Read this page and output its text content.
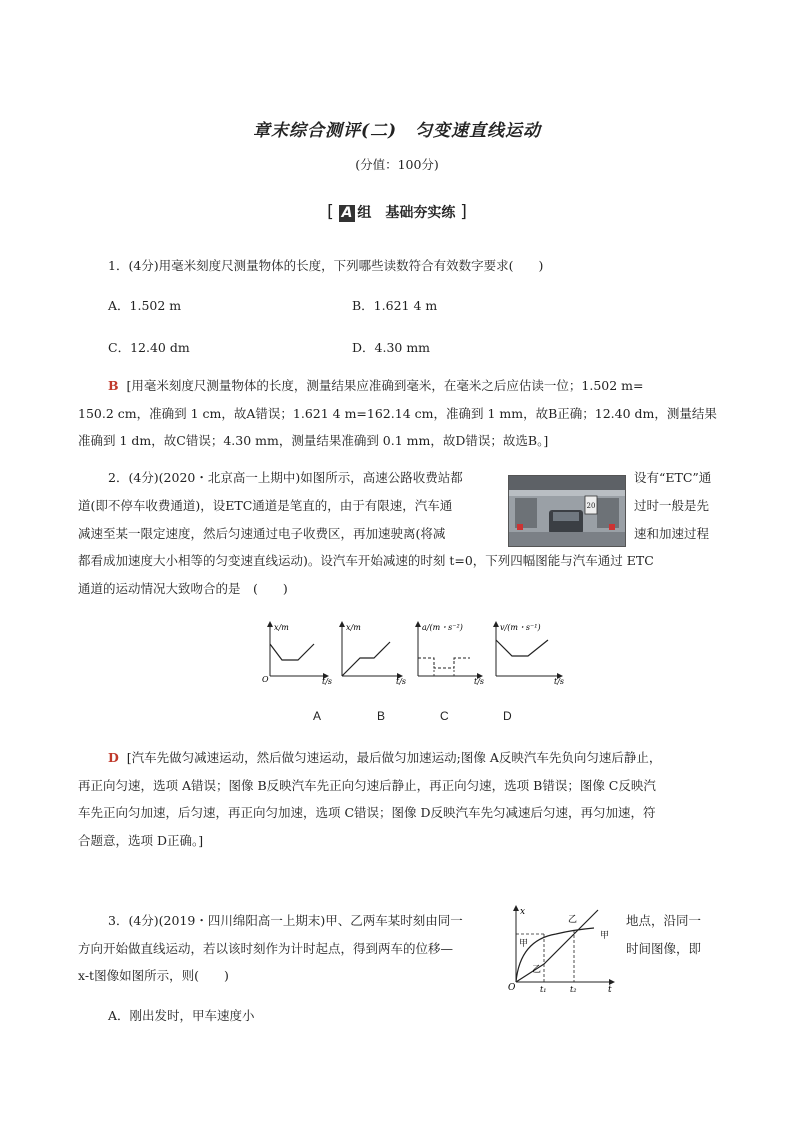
章末综合测评(二)　匀变速直线运动
(分值：100分)
[ A 组　基础夯实练 ]
1．(4分)用毫米刻度尺测量物体的长度，下列哪些读数符合有效数字要求(　　)
A．1.502 m	B．1.621 4 m
C．12.40 dm	D．4.30 mm
B [用毫米刻度尺测量物体的长度，测量结果应准确到毫米，在毫米之后应估读一位；1.502 m=
150.2 cm，准确到 1 cm，故A错误；1.621 4 m=162.14 cm，准确到 1 mm，故B正确；12.40 dm，测量结果
准确到 1 dm，故C错误；4.30 mm，测量结果准确到 0.1 mm，故D错误；故选B。]
2．(4分)(2020・北京高一上期中)如图所示，高速公路收费站都	设有“ETC”通
道(即不停车收费通道)，设ETC通道是笔直的，由于有限速，汽车通	过时一般是先
减速至某一限定速度，然后匀速通过电子收费区，再加速驶离(将减	速和加速过程
都看成加速度大小相等的匀变速直线运动)。设汽车开始减速的时刻 t=0，下列四幅图能与汽车通过 ETC
通道的运动情况大致吻合的是　(　　)
20
x/m
O	t/s
x/m
t/s
a/(m・s⁻²)
t/s
v/(m・s⁻¹)
t/s
A	B	C	D
D [汽车先做匀减速运动，然后做匀速运动，最后做匀加速运动;图像 A反映汽车先负向匀速后静止，
再正向匀速，选项 A错误；图像 B反映汽车先正向匀速后静止，再正向匀速，选项 B错误；图像 C反映汽
车先正向匀加速，后匀速，再正向匀加速，选项 C错误；图像 D反映汽车先匀减速后匀速，再匀加速，符
合题意，选项 D正确。]
3．(4分)(2019・四川绵阳高一上期末)甲、乙两车某时刻由同一	地点，沿同一
方向开始做直线运动，若以该时刻作为计时起点，得到两车的位移—	时间图像，即
x-t图像如图所示，则(　　)
x
O	t
t₁	t₂
甲
甲
乙
乙
A．刚出发时，甲车速度小
